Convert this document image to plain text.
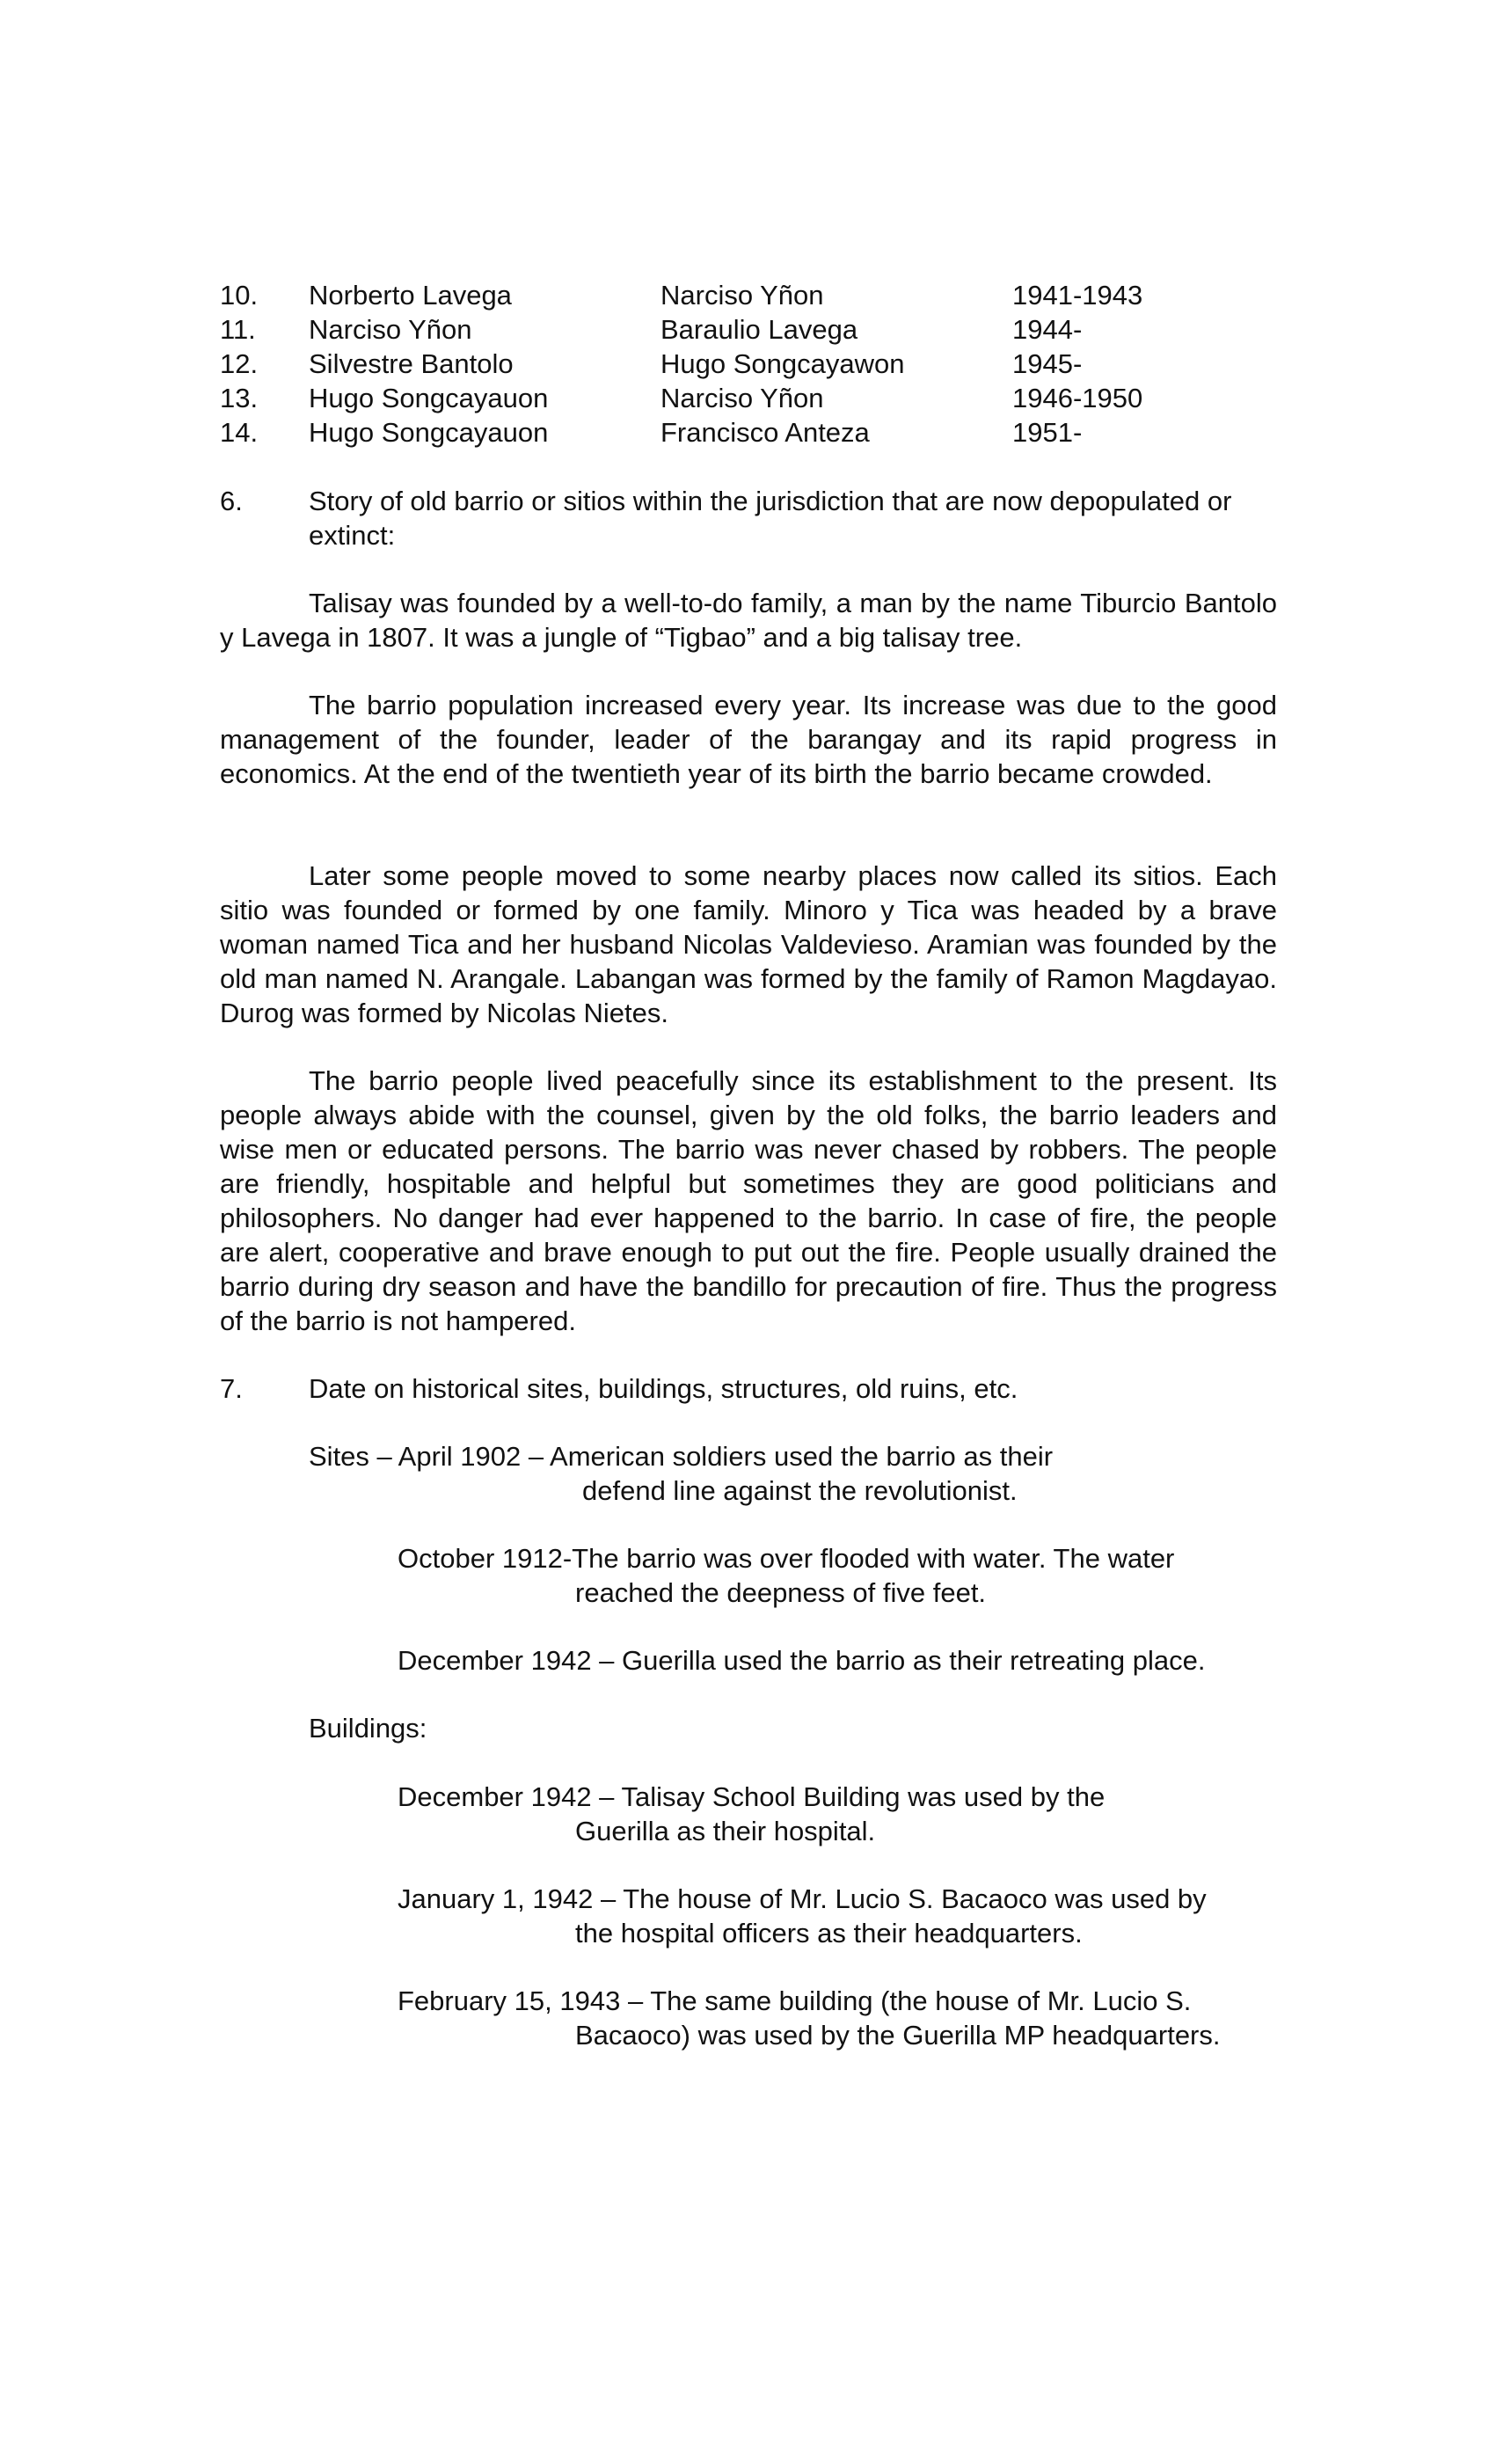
10. Norberto Lavega	Narciso Yñon	1941-1943
11. Narciso Yñon	Baraulio Lavega	1944-
12. Silvestre Bantolo	Hugo Songcayawon	1945-
13. Hugo Songcayauon	Narciso Yñon	1946-1950
14. Hugo Songcayauon	Francisco Anteza	1951-
6. Story of old barrio or sitios within the jurisdiction that are now depopulated or extinct:
Talisay was founded by a well-to-do family, a man by the name Tiburcio Bantolo y Lavega in 1807. It was a jungle of “Tigbao” and a big talisay tree.
The barrio population increased every year. Its increase was due to the good management of the founder, leader of the barangay and its rapid progress in economics. At the end of the twentieth year of its birth the barrio became crowded.
Later some people moved to some nearby places now called its sitios. Each sitio was founded or formed by one family. Minoro y Tica was headed by a brave woman named Tica and her husband Nicolas Valdevieso. Aramian was founded by the old man named N. Arangale. Labangan was formed by the family of Ramon Magdayao. Durog was formed by Nicolas Nietes.
The barrio people lived peacefully since its establishment to the present. Its people always abide with the counsel, given by the old folks, the barrio leaders and wise men or educated persons. The barrio was never chased by robbers. The people are friendly, hospitable and helpful but sometimes they are good politicians and philosophers. No danger had ever happened to the barrio. In case of fire, the people are alert, cooperative and brave enough to put out the fire. People usually drained the barrio during dry season and have the bandillo for precaution of fire. Thus the progress of the barrio is not hampered.
7. Date on historical sites, buildings, structures, old ruins, etc.
Sites – April 1902 – American soldiers used the barrio as their
defend line against the revolutionist.
October 1912-The barrio was over flooded with water. The water
reached the deepness of five feet.
December 1942 – Guerilla used the barrio as their retreating place.
Buildings:
December 1942 – Talisay School Building was used by the
Guerilla as their hospital.
January 1, 1942 – The house of Mr. Lucio S. Bacaoco was used by
the hospital officers as their headquarters.
February 15, 1943 – The same building (the house of Mr. Lucio S.
Bacaoco) was used by the Guerilla MP headquarters.
